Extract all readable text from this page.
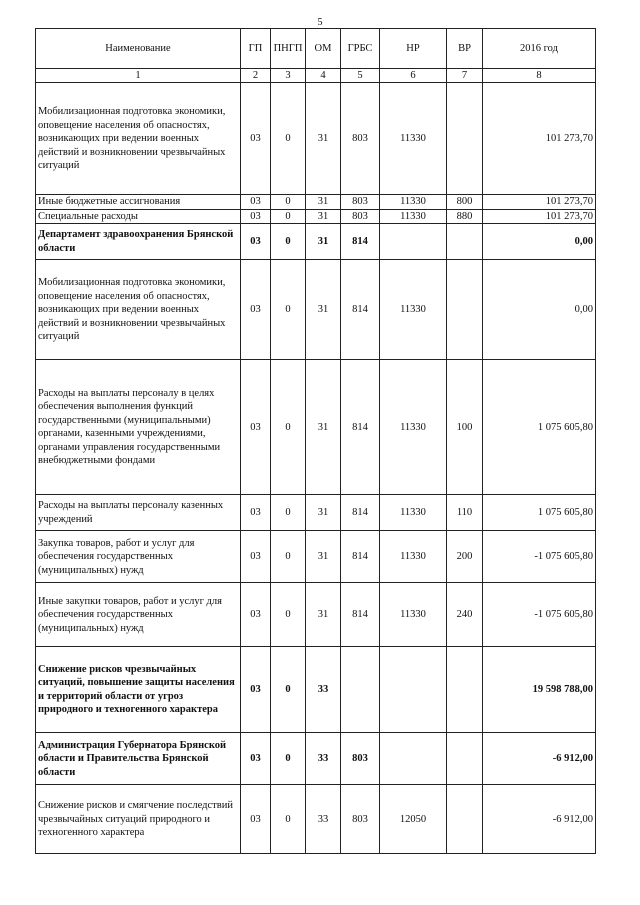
5
Наименование	ГП	ПНГП	ОМ	ГРБС	НР	ВР	2016 год
1	2	3	4	5	6	7	8
Мобилизационная подготовка экономики, оповещение населения об опасностях, возникающих при ведении военных действий и возникновении чрезвычайных ситуаций	03	0	31	803	11330		101 273,70
Иные бюджетные ассигнования	03	0	31	803	11330	800	101 273,70
Специальные расходы	03	0	31	803	11330	880	101 273,70
Департамент здравоохранения Брянской области	03	0	31	814			0,00
Мобилизационная подготовка экономики, оповещение населения об опасностях, возникающих при ведении военных действий и возникновении чрезвычайных ситуаций	03	0	31	814	11330		0,00
Расходы на выплаты персоналу в целях обеспечения выполнения функций государственными (муниципальными) органами, казенными учреждениями, органами управления государственными внебюджетными фондами	03	0	31	814	11330	100	1 075 605,80
Расходы на выплаты персоналу казенных учреждений	03	0	31	814	11330	110	1 075 605,80
Закупка товаров, работ и услуг для обеспечения государственных (муниципальных) нужд	03	0	31	814	11330	200	-1 075 605,80
Иные закупки товаров, работ и услуг для обеспечения государственных (муниципальных) нужд	03	0	31	814	11330	240	-1 075 605,80
Снижение рисков чрезвычайных ситуаций, повышение защиты населения и территорий области от угроз природного и техногенного характера	03	0	33				19 598 788,00
Администрация Губернатора Брянской области и Правительства Брянской области	03	0	33	803			-6 912,00
Снижение рисков и смягчение последствий чрезвычайных ситуаций природного и техногенного характера	03	0	33	803	12050		-6 912,00
